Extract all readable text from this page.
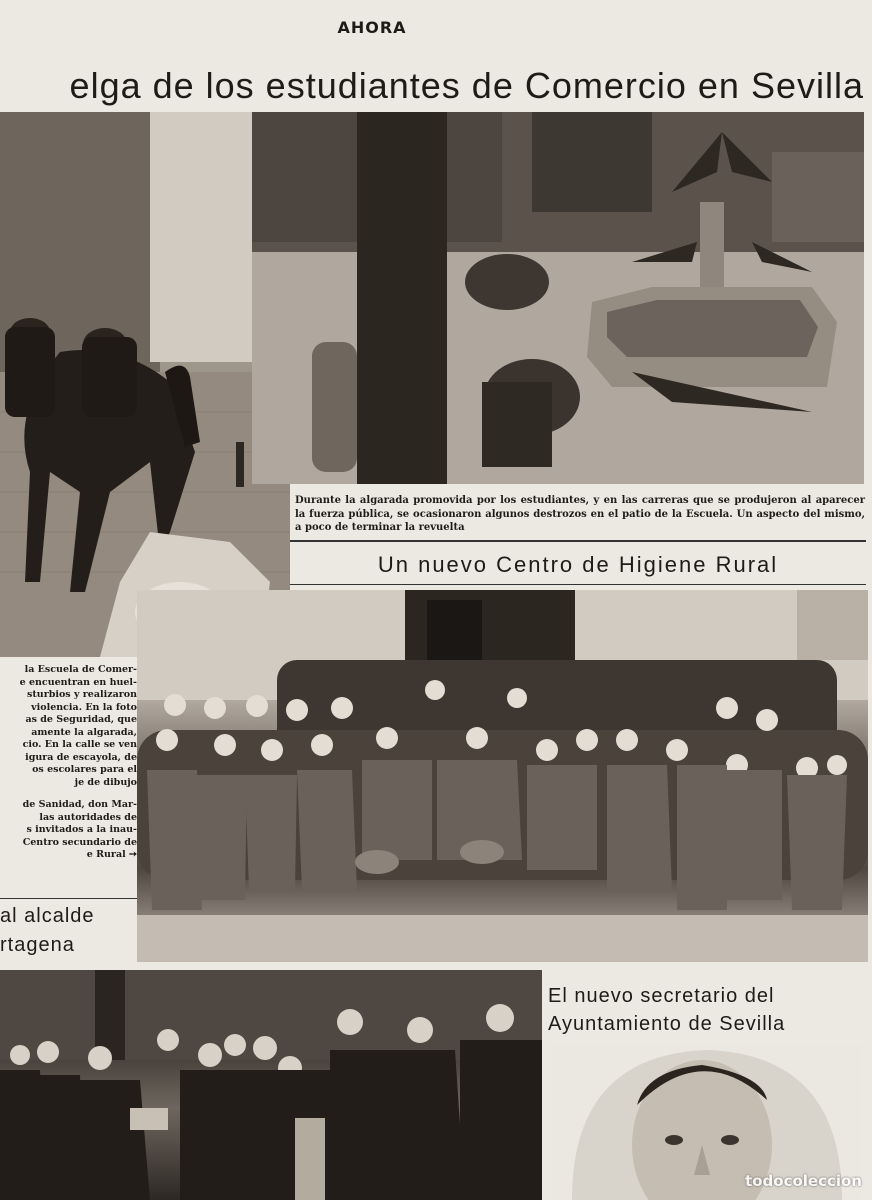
AHORA
elga de los estudiantes de Comercio en Sevilla
Durante la algarada promovida por los estudiantes, y en las carreras que se produjeron al aparecer la fuerza pública, se ocasionaron algunos destrozos en el patio de la Escuela. Un aspecto del mismo, a poco de terminar la revuelta
Un nuevo Centro de Higiene Rural
la Escuela de Comer-
e encuentran en huel-
sturbios y realizaron
violencia. En la foto
as de Seguridad, que
amente la algarada,
cio. En la calle se ven
igura de escayola, de
os escolares para el
je de dibujo
de Sanidad, don Mar-
las autoridades de
s invitados a la inau-
Centro secundario de
e Rural ➙
al alcalde
rtagena
El nuevo secretario del
Ayuntamiento de Sevilla
todocoleccion
